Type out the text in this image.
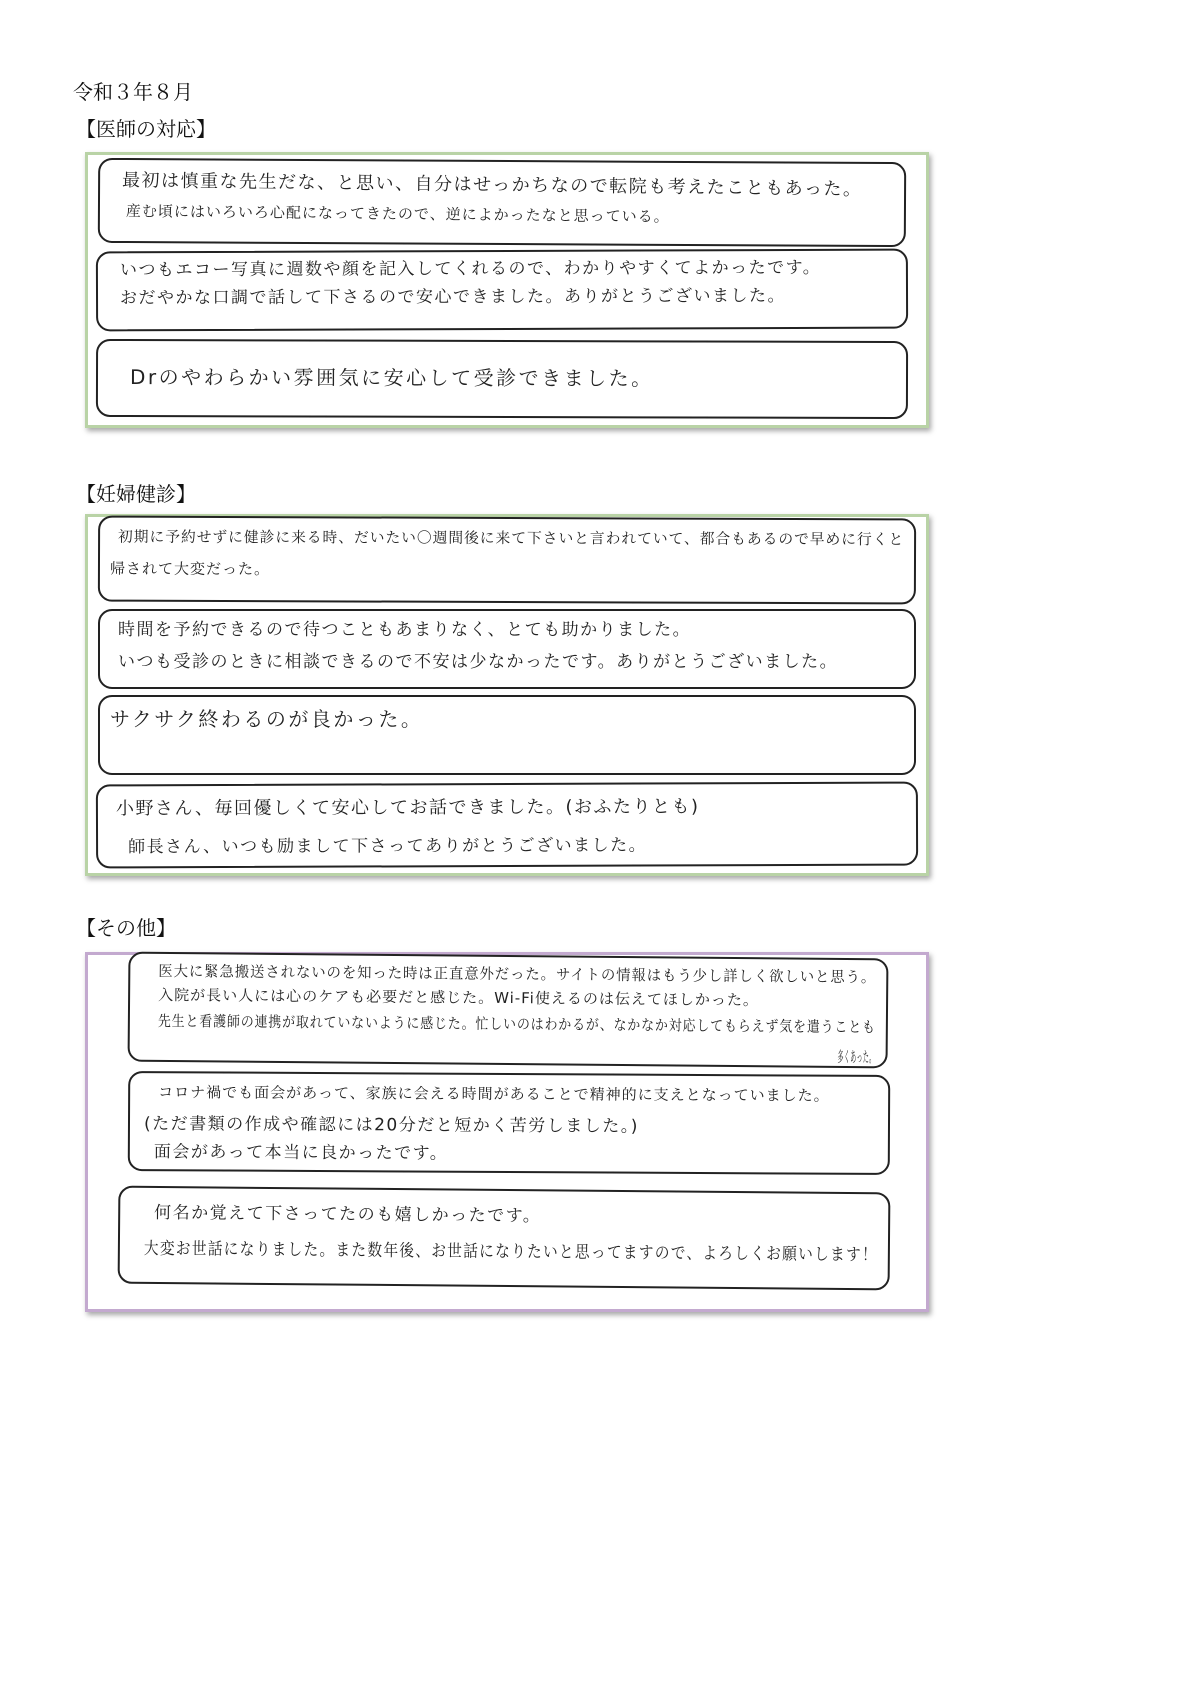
令和３年８月
【医師の対応】
最初は慎重な先生だな、と思い、自分はせっかちなので転院も考えたこともあった。
産む頃にはいろいろ心配になってきたので、逆によかったなと思っている。
いつもエコー写真に週数や顔を記入してくれるので、わかりやすくてよかったです。
おだやかな口調で話して下さるので安心できました。ありがとうございました。
Drのやわらかい雰囲気に安心して受診できました。
【妊婦健診】
初期に予約せずに健診に来る時、だいたい〇週間後に来て下さいと言われていて、都合もあるので早めに行くと
帰されて大変だった。
時間を予約できるので待つこともあまりなく、とても助かりました。
いつも受診のときに相談できるので不安は少なかったです。ありがとうございました。
サクサク終わるのが良かった。
小野さん、毎回優しくて安心してお話できました。(おふたりとも)
師長さん、いつも励まして下さってありがとうございました。
【その他】
医大に緊急搬送されないのを知った時は正直意外だった。サイトの情報はもう少し詳しく欲しいと思う。
入院が長い人には心のケアも必要だと感じた。Wi-Fi使えるのは伝えてほしかった。
先生と看護師の連携が取れていないように感じた。忙しいのはわかるが、なかなか対応してもらえず気を遣うことも
多くあった。
コロナ禍でも面会があって、家族に会える時間があることで精神的に支えとなっていました。
(ただ書類の作成や確認には20分だと短かく苦労しました。)
面会があって本当に良かったです。
何名か覚えて下さってたのも嬉しかったです。
大変お世話になりました。また数年後、お世話になりたいと思ってますので、よろしくお願いします！
